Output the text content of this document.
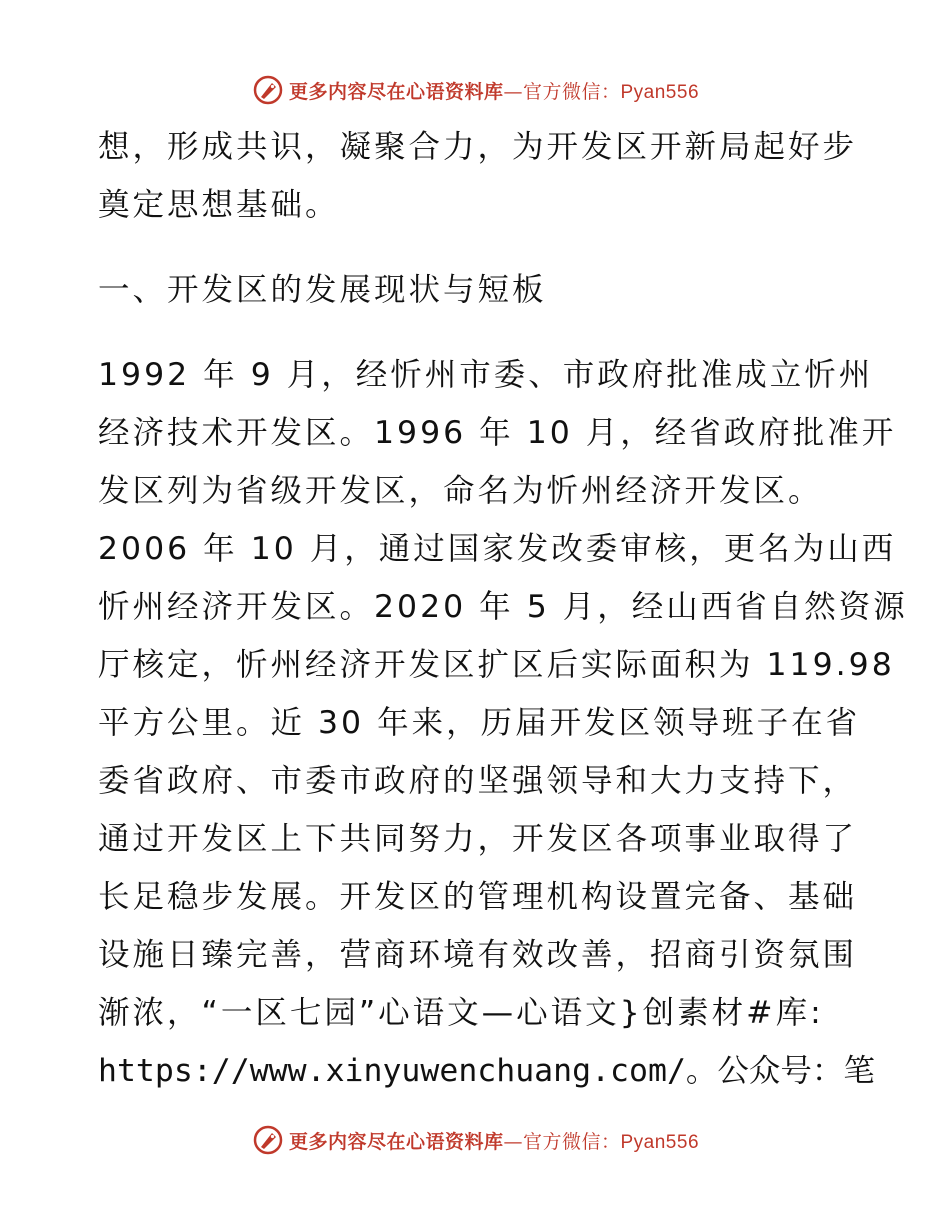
更多内容尽在心语资料库—官方微信：Pyan556
想，形成共识，凝聚合力，为开发区开新局起好步
奠定思想基础。
一、开发区的发展现状与短板
1992 年 9 月，经忻州市委、市政府批准成立忻州
经济技术开发区。1996 年 10 月，经省政府批准开
发区列为省级开发区，命名为忻州经济开发区。
2006 年 10 月，通过国家发改委审核，更名为山西
忻州经济开发区。2020 年 5 月，经山西省自然资源
厅核定，忻州经济开发区扩区后实际面积为 119.98
平方公里。近 30 年来，历届开发区领导班子在省
委省政府、市委市政府的坚强领导和大力支持下，
通过开发区上下共同努力，开发区各项事业取得了
长足稳步发展。开发区的管理机构设置完备、基础
设施日臻完善，营商环境有效改善，招商引资氛围
渐浓，“一区七园”心语文—心语文}创素材#库:
https://www.xinyuwenchuang.com/。公众号：笔
更多内容尽在心语资料库—官方微信：Pyan556
